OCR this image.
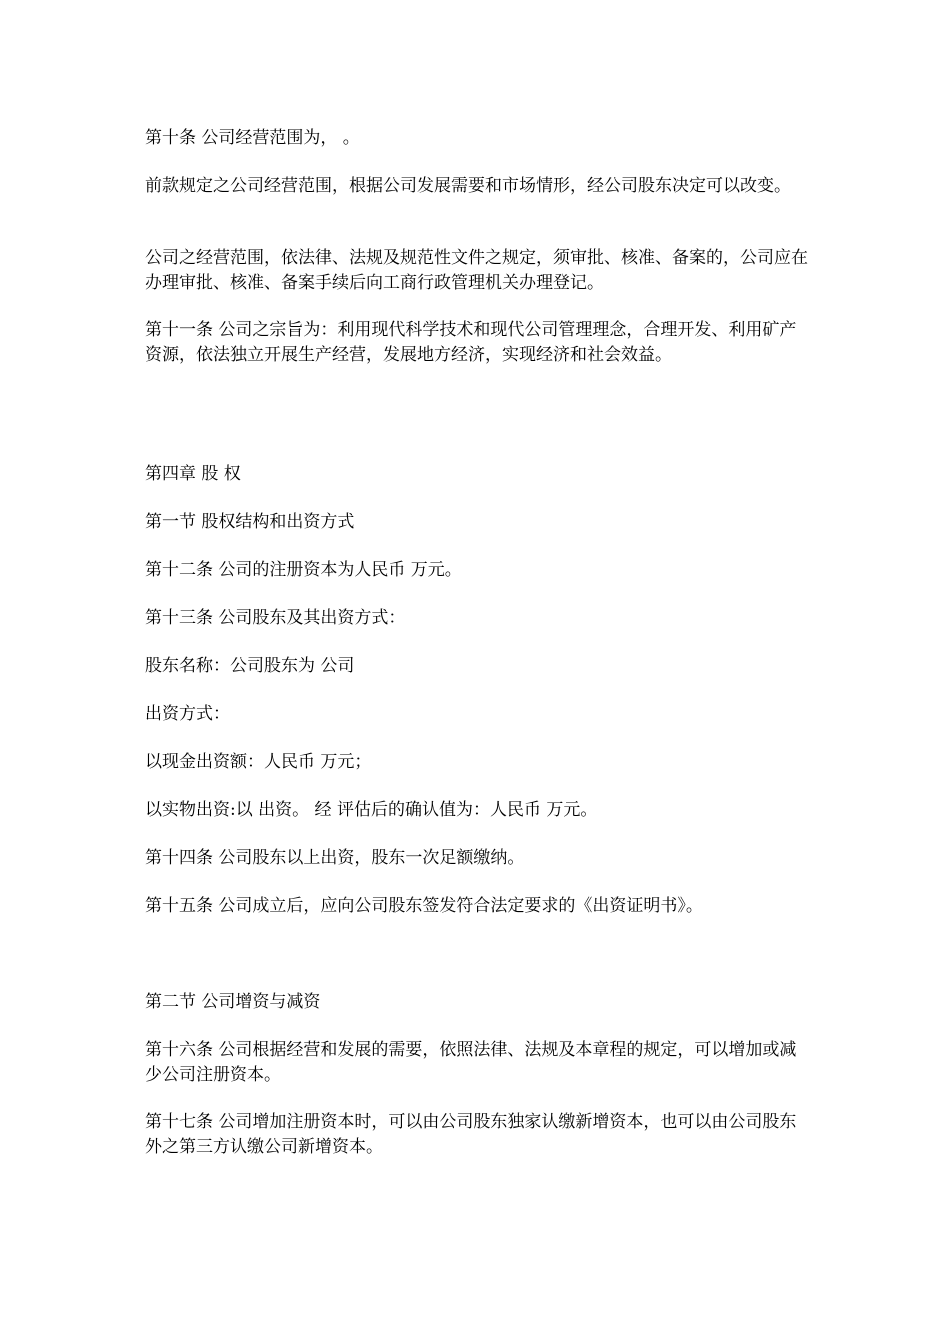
第十条 公司经营范围为， 。

前款规定之公司经营范围，根据公司发展需要和市场情形，经公司股东决定可以改变。

公司之经营范围，依法律、法规及规范性文件之规定，须审批、核准、备案的，公司应在办理审批、核准、备案手续后向工商行政管理机关办理登记。

第十一条 公司之宗旨为：利用现代科学技术和现代公司管理理念，合理开发、利用矿产资源，依法独立开展生产经营，发展地方经济，实现经济和社会效益。

第四章 股 权

第一节 股权结构和出资方式

第十二条 公司的注册资本为人民币 万元。

第十三条 公司股东及其出资方式：

股东名称：公司股东为 公司

出资方式：

以现金出资额：人民币 万元；

以实物出资:以 出资。 经 评估后的确认值为：人民币 万元。

第十四条 公司股东以上出资，股东一次足额缴纳。

第十五条 公司成立后，应向公司股东签发符合法定要求的《出资证明书》。

第二节 公司增资与减资

第十六条 公司根据经营和发展的需要，依照法律、法规及本章程的规定，可以增加或减少公司注册资本。

第十七条 公司增加注册资本时，可以由公司股东独家认缴新增资本，也可以由公司股东外之第三方认缴公司新增资本。
